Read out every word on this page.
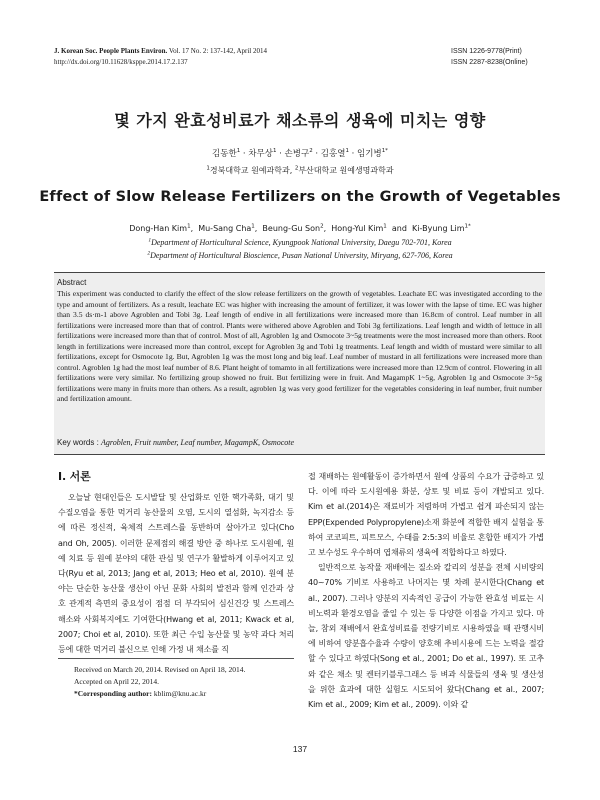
J. Korean Soc. People Plants Environ. Vol. 17 No. 2: 137-142, April 2014
http://dx.doi.org/10.11628/ksppe.2014.17.2.137
ISSN 1226-9778(Print)
ISSN 2287-8238(Online)
몇 가지 완효성비료가 채소류의 생육에 미치는 영향
김동한$^1$ · 차무상$^1$ · 손병구$^2$ · 김홍열$^1$ · 임기병$^{1*}$
$^1$경북대학교 원예과학과, $^2$부산대학교 원예생명과학과
Effect of Slow Release Fertilizers on the Growth of Vegetables
Dong-Han Kim$^1$,  Mu-Sang Cha$^1$,  Beung-Gu Son$^2$,  Hong-Yul Kim$^1$  and  Ki-Byung Lim$^{1*}$
$^1$Department of Horticultural Science, Kyungpook National University, Daegu 702-701, Korea
$^2$Department of Horticultural Bioscience, Pusan National University, Miryang, 627-706, Korea
Abstract
This experiment was conducted to clarify the effect of the slow release fertilizers on the growth of vegetables. Leachate EC was investigated according to the type and amount of fertilizers. As a result, leachate EC was higher with increasing the amount of fertilizer, it was lower with the lapse of time. EC was higher than 3.5 ds·m-1 above Agroblen and Tobi 3g. Leaf length of endive in all fertilizations were increased more than 16.8cm of control. Leaf number in all fertilizations were increased more than that of control. Plants were withered above Agroblen and Tobi 3g fertilizations. Leaf length and width of lettuce in all fertilizations were increased more than that of control. Most of all, Agroblen 1g and Osmocote 3~5g treatments were the most increased more than others. Root length in fertilizations were increased more than control, except for Agroblen 3g and Tobi 1g treatments. Leaf length and width of mustard were similar to all fertilizations, except for Osmocote 1g. But, Agroblen 1g was the most long and big leaf. Leaf number of mustard in all fertilizations were increased more than control. Agroblen 1g had the most leaf number of 8.6. Plant height of tomamto in all fertilizations were increased more than 12.9cm of control. Flowering in all fertilizations were very similar. No fertilizing group showed no fruit. But fertilizing were in fruit. And MagampK 1~5g, Agroblen 1g and Osmocote 3~5g fertilizations were many in fruits more than others. As a result, agroblen 1g was very good fertilizer for the vegetables considering in leaf number, fruit number and fertilization amount.
Key words : Agroblen, Fruit number, Leaf number, MagampK, Osmocote
I. 서론

오늘날 현대인들은 도시발달 및 산업화로 인한 핵가족화, 대기 및 수질오염을 통한 먹거리 농산물의 오염, 도시의 열섬화, 녹지감소 등에 따른 정신적, 육체적 스트레스를 동반하며 살아가고 있다(Cho and Oh, 2005). 이러한 문제점의 해결 방안 중 하나로 도시원예, 원예 치료 등 원예 분야의 대한 관심 및 연구가 활발하게 이루어지고 있다(Ryu et al, 2013; Jang et al, 2013; Heo et al, 2010). 원예 분야는 단순한 농산물 생산이 아닌 문화 사회의 발전과 함께 인간과 상호 관계적 측면의 중요성이 점점 더 부각되어 심신건강 및 스트레스 해소와 사회복지에도 기여한다(Hwang et al, 2011; Kwack et al, 2007; Choi et al, 2010). 또한 최근 수입 농산물 및 농약 과다 처리 등에 대한 먹거리 불신으로 인해 가정 내 채소를 직

접 재배하는 원예활동이 증가하면서 원예 상품의 수요가 급증하고 있다. 이에 따라 도시원예용 화분, 상토 및 비료 등이 개발되고 있다. Kim et al.(2014)은 재료비가 저렴하며 가볍고 쉽게 파손되지 않는 EPP(Expended Polypropylene)소재 화분에 적합한 배지 실험을 통하여 코코피트, 피트모스, 수태를 2:5:3의 비율로 혼합한 배지가 가볍고 보수성도 우수하며 엽채류의 생육에 적합하다고 하였다.

일반적으로 농작물 재배에는 질소와 칼리의 성분을 전체 시비량의 40~70% 기비로 사용하고 나머지는 몇 차례 분시한다(Chang et al., 2007). 그러나 양분의 지속적인 공급이 가능한 완효성 비료는 시비노력과 환경오염을 줄일 수 있는 등 다양한 이점을 가지고 있다. 마늘, 참외 재배에서 완효성비료를 전량기비로 시용하였을 때 관행시비에 비하여 양분흡수율과 수량이 양호해 추비시용에 드는 노력을 절감할 수 있다고 하였다(Song et al., 2001; Do et al., 1997). 또 고추와 같은 채소 및 켄터키블루그래스 등 벼과 식물들의 생육 및 생산성을 위한 효과에 대한 실험도 시도되어 왔다(Chang et al., 2007; Kim et al., 2009; Kim et al., 2009). 이와 같

Received on March 20, 2014. Revised on April 18, 2014.
Accepted on April 22, 2014.
*Corresponding author: kblim@knu.ac.kr
137
